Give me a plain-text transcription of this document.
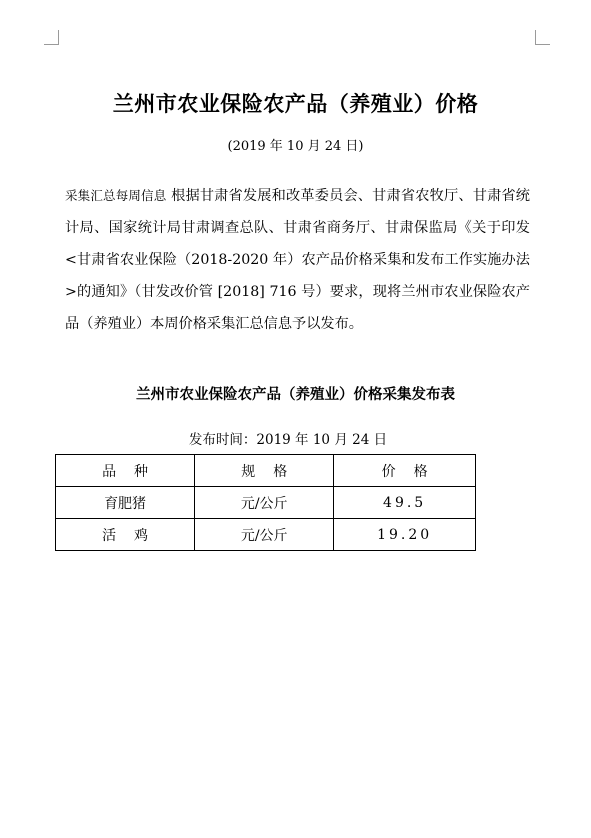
兰州市农业保险农产品（养殖业）价格
(2019 年 10 月 24 日)
采集汇总每周信息 根据甘肃省发展和改革委员会、甘肃省农牧厅、甘肃省统计局、国家统计局甘肃调查总队、甘肃省商务厅、甘肃保监局《关于印发<甘肃省农业保险（2018-2020 年）农产品价格采集和发布工作实施办法>的通知》（甘发改价管 [2018] 716 号）要求，现将兰州市农业保险农产品（养殖业）本周价格采集汇总信息予以发布。
兰州市农业保险农产品（养殖业）价格采集发布表
发布时间：2019 年 10 月 24 日
品种	规格	价格
育肥猪	元/公斤	49.5
活鸡	元/公斤	19.20
